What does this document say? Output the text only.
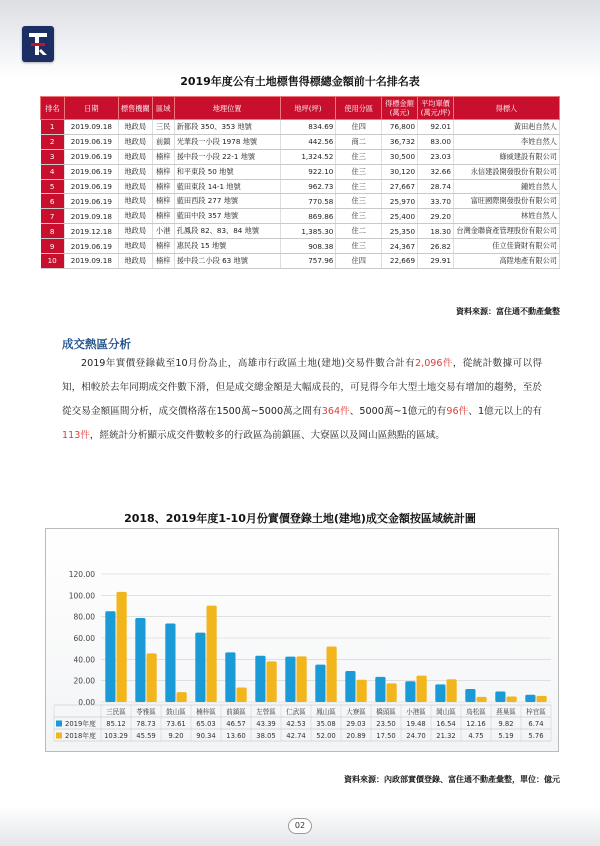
2019年度公有土地標售得標總金額前十名排名表
排名	日期	標售機關	區域	地理位置	地坪(坪)	使用分區	得標金額(萬元)	平均單價(萬元/坪)	得標人
1	2019.09.18	地政局	三民	新都段 350、353 地號	834.69	住四	76,800	92.01	黃田赳自然人
2	2019.06.19	地政局	前鎮	光華段一小段 1978 地號	442.56	商二	36,732	83.00	李姓自然人
3	2019.06.19	地政局	楠梓	援中段一小段 22-1 地號	1,324.52	住三	30,500	23.03	綠威建設有限公司
4	2019.06.19	地政局	楠梓	和平東段 50 地號	922.10	住三	30,120	32.66	永信建設開發股份有限公司
5	2019.06.19	地政局	楠梓	藍田東段 14-1 地號	962.73	住三	27,667	28.74	鍾姓自然人
6	2019.06.19	地政局	楠梓	藍田西段 277 地號	770.58	住三	25,970	33.70	富旺國際開發股份有限公司
7	2019.09.18	地政局	楠梓	藍田中段 357 地號	869.86	住三	25,400	29.20	林姓自然人
8	2019.12.18	地政局	小港	孔鳳段 82、83、84 地號	1,385.30	住二	25,350	18.30	台灣金聯資產管理股份有限公司
9	2019.06.19	地政局	楠梓	惠民段 15 地號	908.38	住三	24,367	26.82	佳立佳資財有限公司
10	2019.09.18	地政局	楠梓	援中段二小段 63 地號	757.96	住四	22,669	29.91	高陞地產有限公司
資料來源：富住通不動產彙整
成交熱區分析
2019年實價登錄截至10月份為止，高雄市行政區土地(建地)交易件數合計有2,096件，從統計數據可以得知，相較於去年同期成交件數下滑，但是成交總金額是大幅成長的，可見得今年大型土地交易有增加的趨勢，至於從交易金額區間分析，成交價格落在1500萬~5000萬之間有364件、5000萬~1億元的有96件、1億元以上的有113件，經統計分析顯示成交件數較多的行政區為前鎮區、大寮區以及岡山區熱點的區域。
2018、2019年度1-10月份實價登錄土地(建地)成交金額按區域統計圖
0.00
20.00
40.00
60.00
80.00
100.00
120.00
三民區 苓雅區 鼓山區 楠梓區 前鎮區 左營區 仁武區 鳳山區 大寮區 橋頭區 小港區 岡山區 鳥松區 燕巢區 梓官區
2019年度 85.12 78.73 73.61 65.03 46.57 43.39 42.53 35.08 29.03 23.50 19.48 16.54 12.16 9.82 6.74
2018年度 103.29 45.59 9.20 90.34 13.60 38.05 42.74 52.00 20.89 17.50 24.70 21.32 4.75 5.19 5.76
資料來源：內政部實價登錄、富住通不動產彙整，單位：億元
02
